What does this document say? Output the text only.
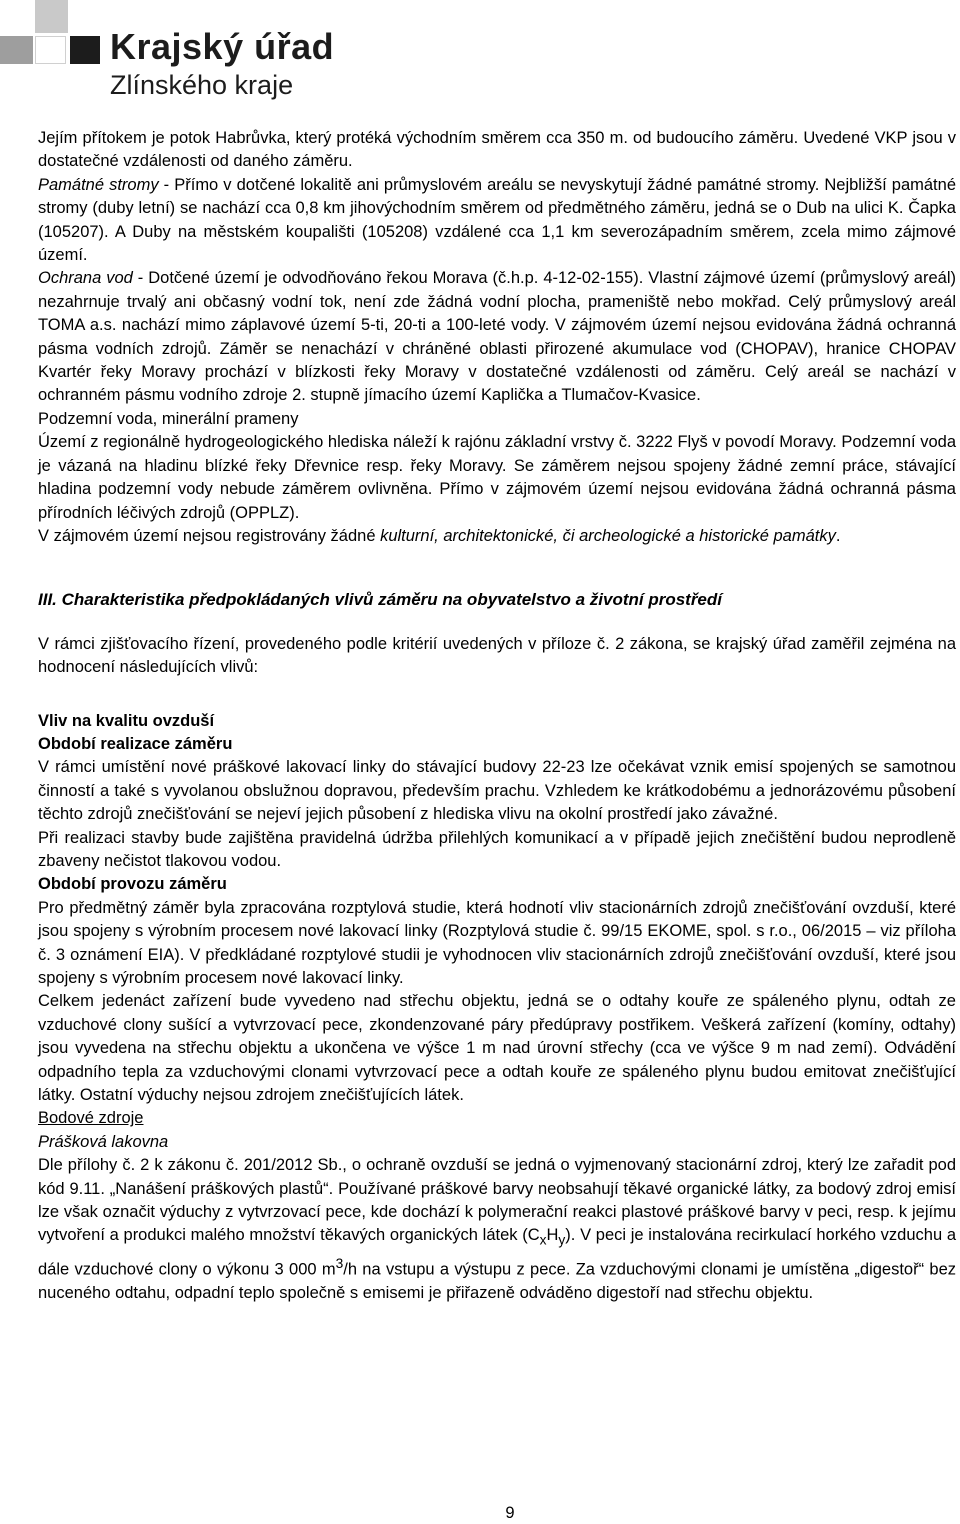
Krajský úřad
Zlínského kraje

Jejím přítokem je potok Habrůvka, který protéká východním směrem cca 350 m. od budoucího záměru. Uvedené VKP jsou v dostatečné vzdálenosti od daného záměru.

Památné stromy - Přímo v dotčené lokalitě ani průmyslovém areálu se nevyskytují žádné památné stromy. Nejbližší památné stromy (duby letní) se nachází cca 0,8 km jihovýchodním směrem od předmětného záměru, jedná se o Dub na ulici K. Čapka (105207). A Duby na městském koupališti (105208) vzdálené cca 1,1 km severozápadním směrem, zcela mimo zájmové území.

Ochrana vod - Dotčené území je odvodňováno řekou Morava (č.h.p. 4-12-02-155). Vlastní zájmové území (průmyslový areál) nezahrnuje trvalý ani občasný vodní tok, není zde žádná vodní plocha, prameniště nebo mokřad. Celý průmyslový areál TOMA a.s. nachází mimo záplavové území 5-ti, 20-ti a 100-leté vody. V zájmovém území nejsou evidována žádná ochranná pásma vodních zdrojů. Záměr se nenachází v chráněné oblasti přirozené akumulace vod (CHOPAV), hranice CHOPAV Kvartér řeky Moravy prochází v blízkosti řeky Moravy v dostatečné vzdálenosti od záměru. Celý areál se nachází v ochranném pásmu vodního zdroje 2. stupně jímacího území Kaplička a Tlumačov-Kvasice.

Podzemní voda, minerální prameny

Území z regionálně hydrogeologického hlediska náleží k rajónu základní vrstvy č. 3222 Flyš v povodí Moravy. Podzemní voda je vázaná na hladinu blízké řeky Dřevnice resp. řeky Moravy. Se záměrem nejsou spojeny žádné zemní práce, stávající hladina podzemní vody nebude záměrem ovlivněna. Přímo v zájmovém území nejsou evidována žádná ochranná pásma přírodních léčivých zdrojů (OPPLZ).

V zájmovém území nejsou registrovány žádné kulturní, architektonické, či archeologické a historické památky.

III. Charakteristika předpokládaných vlivů záměru na obyvatelstvo a životní prostředí

V rámci zjišťovacího řízení, provedeného podle kritérií uvedených v příloze č. 2 zákona, se krajský úřad zaměřil zejména na hodnocení následujících vlivů:

Vliv na kvalitu ovzduší

Období realizace záměru

V rámci umístění nové práškové lakovací linky do stávající budovy 22-23 lze očekávat vznik emisí spojených se samotnou činností a také s vyvolanou obslužnou dopravou, především prachu. Vzhledem ke krátkodobému a jednorázovému působení těchto zdrojů znečišťování se nejeví jejich působení z hlediska vlivu na okolní prostředí jako závažné.

Při realizaci stavby bude zajištěna pravidelná údržba přilehlých komunikací a v případě jejich znečištění budou neprodleně zbaveny nečistot tlakovou vodou.

Období provozu záměru

Pro předmětný záměr byla zpracována rozptylová studie, která hodnotí vliv stacionárních zdrojů znečišťování ovzduší, které jsou spojeny s výrobním procesem nové lakovací linky (Rozptylová studie č. 99/15 EKOME, spol. s r.o., 06/2015 – viz příloha č. 3 oznámení EIA). V předkládané rozptylové studii je vyhodnocen vliv stacionárních zdrojů znečišťování ovzduší, které jsou spojeny s výrobním procesem nové lakovací linky.

Celkem jedenáct zařízení bude vyvedeno nad střechu objektu, jedná se o odtahy kouře ze spáleného plynu, odtah ze vzduchové clony sušící a vytvrzovací pece, zkondenzované páry předúpravy postřikem. Veškerá zařízení (komíny, odtahy) jsou vyvedena na střechu objektu a ukončena ve výšce 1 m nad úrovní střechy (cca ve výšce 9 m nad zemí). Odvádění odpadního tepla za vzduchovými clonami vytvrzovací pece a odtah kouře ze spáleného plynu budou emitovat znečišťující látky. Ostatní výduchy nejsou zdrojem znečišťujících látek.

Bodové zdroje

Prášková lakovna

Dle přílohy č. 2 k zákonu č. 201/2012 Sb., o ochraně ovzduší se jedná o vyjmenovaný stacionární zdroj, který lze zařadit pod kód 9.11. „Nanášení práškových plastů“. Používané práškové barvy neobsahují těkavé organické látky, za bodový zdroj emisí lze však označit výduchy z vytvrzovací pece, kde dochází k polymerační reakci plastové práškové barvy v peci, resp. k jejímu vytvoření a produkci malého množství těkavých organických látek $(C_xH_y)$. V peci je instalována recirkulací horkého vzduchu a dále vzduchové clony o výkonu 3 000 $m^3/h$ na vstupu a výstupu z pece. Za vzduchovými clonami je umístěna „digestoř“ bez nuceného odtahu, odpadní teplo společně s emisemi je přiřazeně odváděno digestoří nad střechu objektu.

9
